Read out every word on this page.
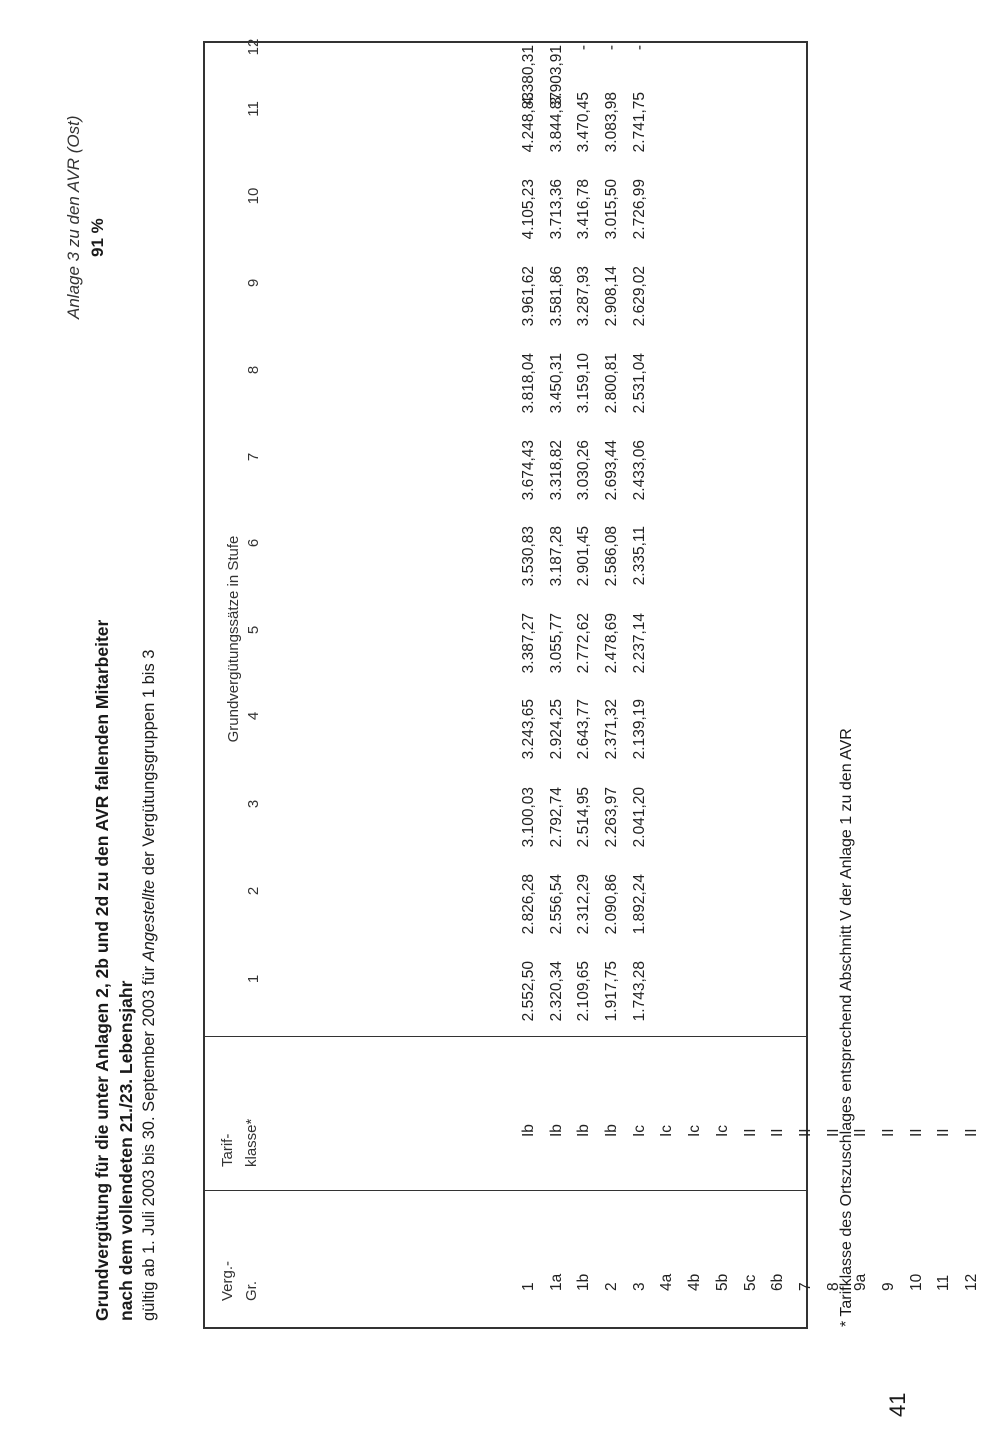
Anlage 3 zu den AVR (Ost) 91 %
Grundvergütung für die unter Anlagen 2, 2b und 2d zu den AVR fallenden Mitarbeiter nach dem vollendeten 21./23. Lebensjahr gültig ab 1. Juli 2003 bis 30. September 2003 für Angestellte der Vergütungsgruppen 1 bis 3
Verg.- Gr.
Tarif- klasse*
Grundvergütungssätze in Stufe
1
2
3
4
5
6
7
8
9
10
11
12
1 1a 1b 2 3 4a 4b 5b 5c 6b 7 8 9a 9 10 11 12
Ib Ib Ib Ib Ic Ic Ic Ic II II II II II II II II II
2.552,50 2.320,34 2.109,65 1.917,75 1.743,28
2.826,28 2.556,54 2.312,29 2.090,86 1.892,24
3.100,03 2.792,74 2.514,95 2.263,97 2.041,20
3.243,65 2.924,25 2.643,77 2.371,32 2.139,19
3.387,27 3.055,77 2.772,62 2.478,69 2.237,14
3.530,83 3.187,28 2.901,45 2.586,08 2.335,11
3.674,43 3.318,82 3.030,26 2.693,44 2.433,06
3.818,04 3.450,31 3.159,10 2.800,81 2.531,04
3.961,62 3.581,86 3.287,93 2.908,14 2.629,02
4.105,23 3.713,36 3.416,78 3.015,50 2.726,99
4.248,83 3.844,87 3.470,45 3.083,98 2.741,75
4.380,31 3.903,91 - - -
* Tarifklasse des Ortszuschlages entsprechend Abschnitt V der Anlage 1 zu den AVR
41
